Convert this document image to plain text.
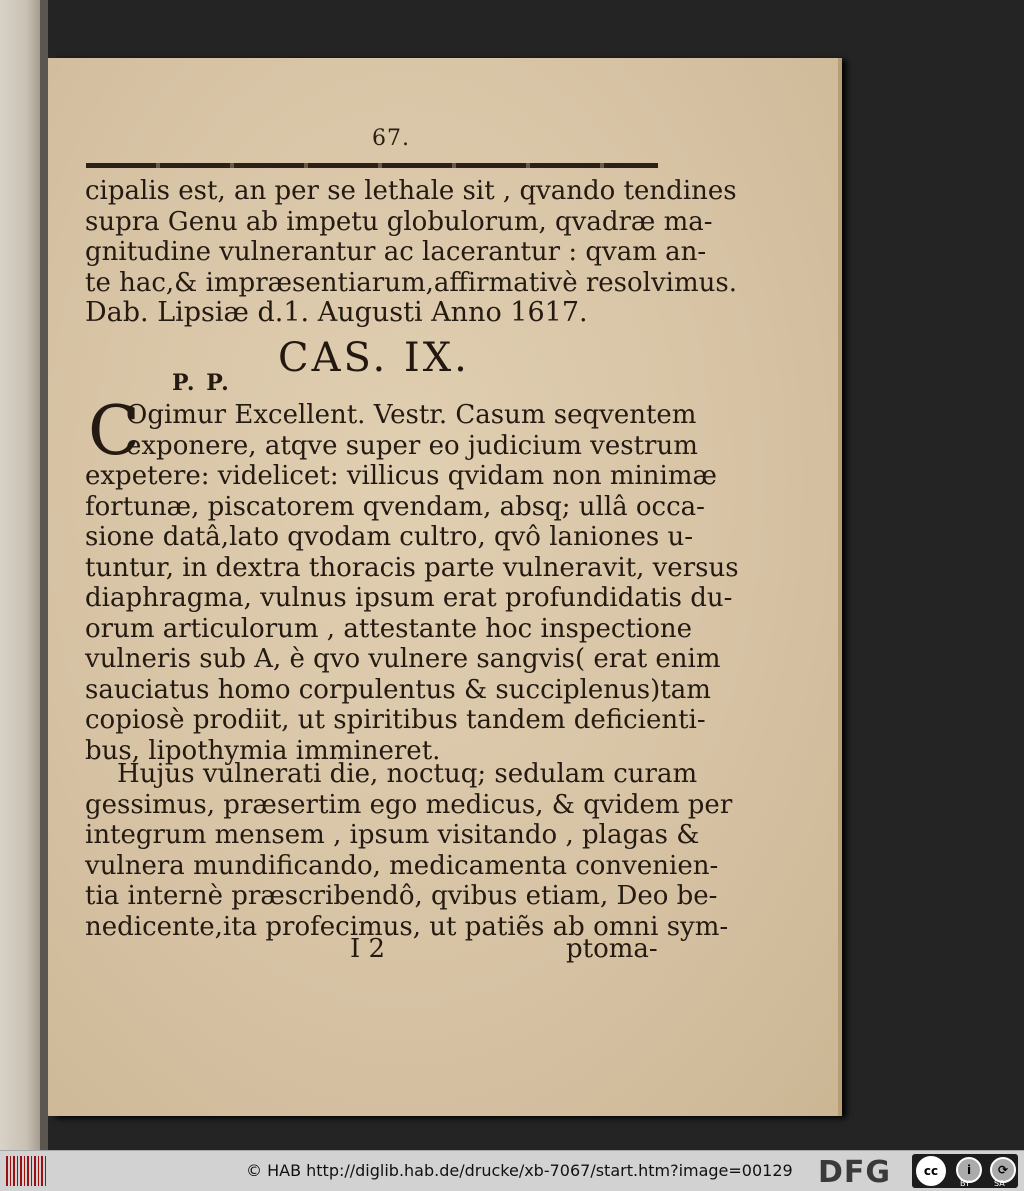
67.
cipalis est, an per se lethale sit , qvando tendines
supra Genu ab impetu globulorum, qvadræ ma-
gnitudine vulnerantur ac lacerantur : qvam an-
te hac,& impræsentiarum,affirmativè resolvimus.
Dab. Lipsiæ d.1. Augusti Anno 1617.
CAS. IX.
P. P.
C
Ogimur Excellent. Vestr. Casum seqventem
exponere, atqve super eo judicium vestrum
expetere: videlicet: villicus qvidam non minimæ
fortunæ, piscatorem qvendam, absq; ullâ occa-
sione datâ,lato qvodam cultro, qvô laniones u-
tuntur, in dextra thoracis parte vulneravit, versus
diaphragma, vulnus ipsum erat profundidatis du-
orum articulorum , attestante hoc inspectione
vulneris sub A, è qvo vulnere sangvis( erat enim
sauciatus homo corpulentus & succiplenus)tam
copiosè prodiit, ut spiritibus tandem deficienti-
bus, lipothymia immineret.
Hujus vulnerati die, noctuq; sedulam curam
gessimus, præsertim ego medicus, & qvidem per
integrum mensem , ipsum visitando , plagas &
vulnera mundificando, medicamenta convenien-
tia internè præscribendô, qvibus etiam, Deo be-
nedicente,ita profecimus, ut patiẽs ab omni sym-
I 2	ptoma-
© HAB http://diglib.hab.de/drucke/xb-7067/start.htm?image=00129 DFG	cc	i	⟳
BY	SA
